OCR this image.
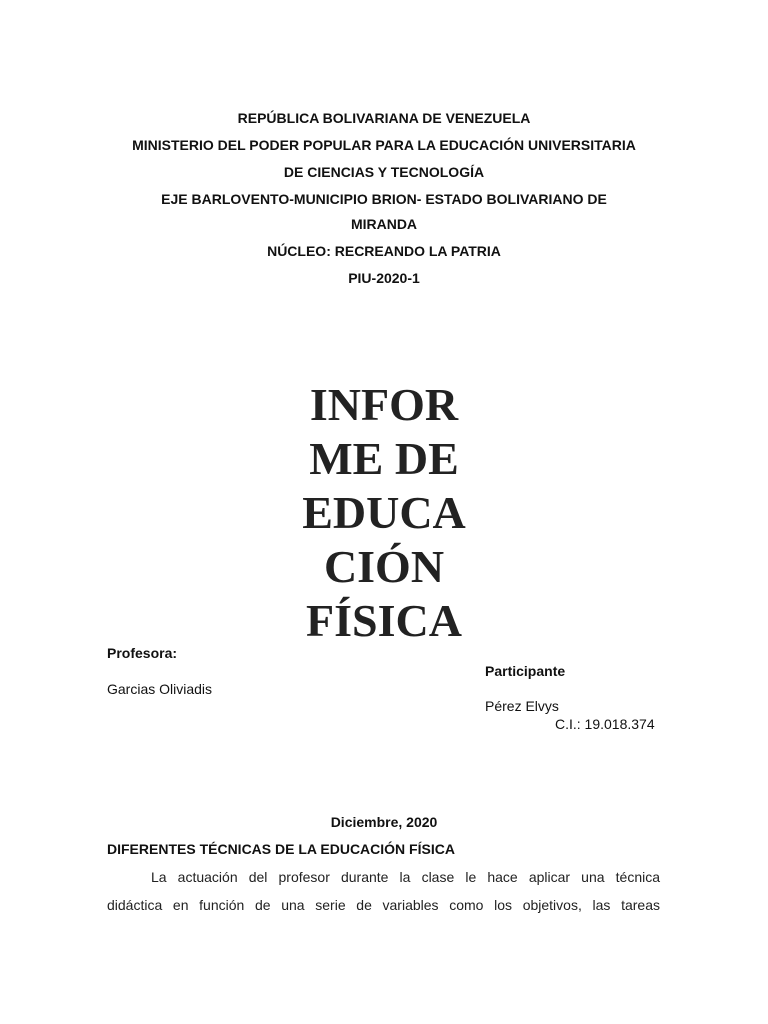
REPÚBLICA BOLIVARIANA DE VENEZUELA
MINISTERIO DEL PODER POPULAR PARA LA EDUCACIÓN UNIVERSITARIA
DE CIENCIAS Y TECNOLOGÍA
EJE BARLOVENTO-MUNICIPIO BRION- ESTADO BOLIVARIANO DE
MIRANDA
NÚCLEO: RECREANDO LA PATRIA
PIU-2020-1
INFOR
ME DE
EDUCA
CIÓN
FÍSICA
Profesora:
Garcias Oliviadis
Participante
Pérez Elvys
C.I.: 19.018.374
Diciembre, 2020
DIFERENTES TÉCNICAS DE LA EDUCACIÓN FÍSICA
La actuación del profesor durante la clase le hace aplicar una técnica
didáctica en función de una serie de variables como los objetivos, las tareas
